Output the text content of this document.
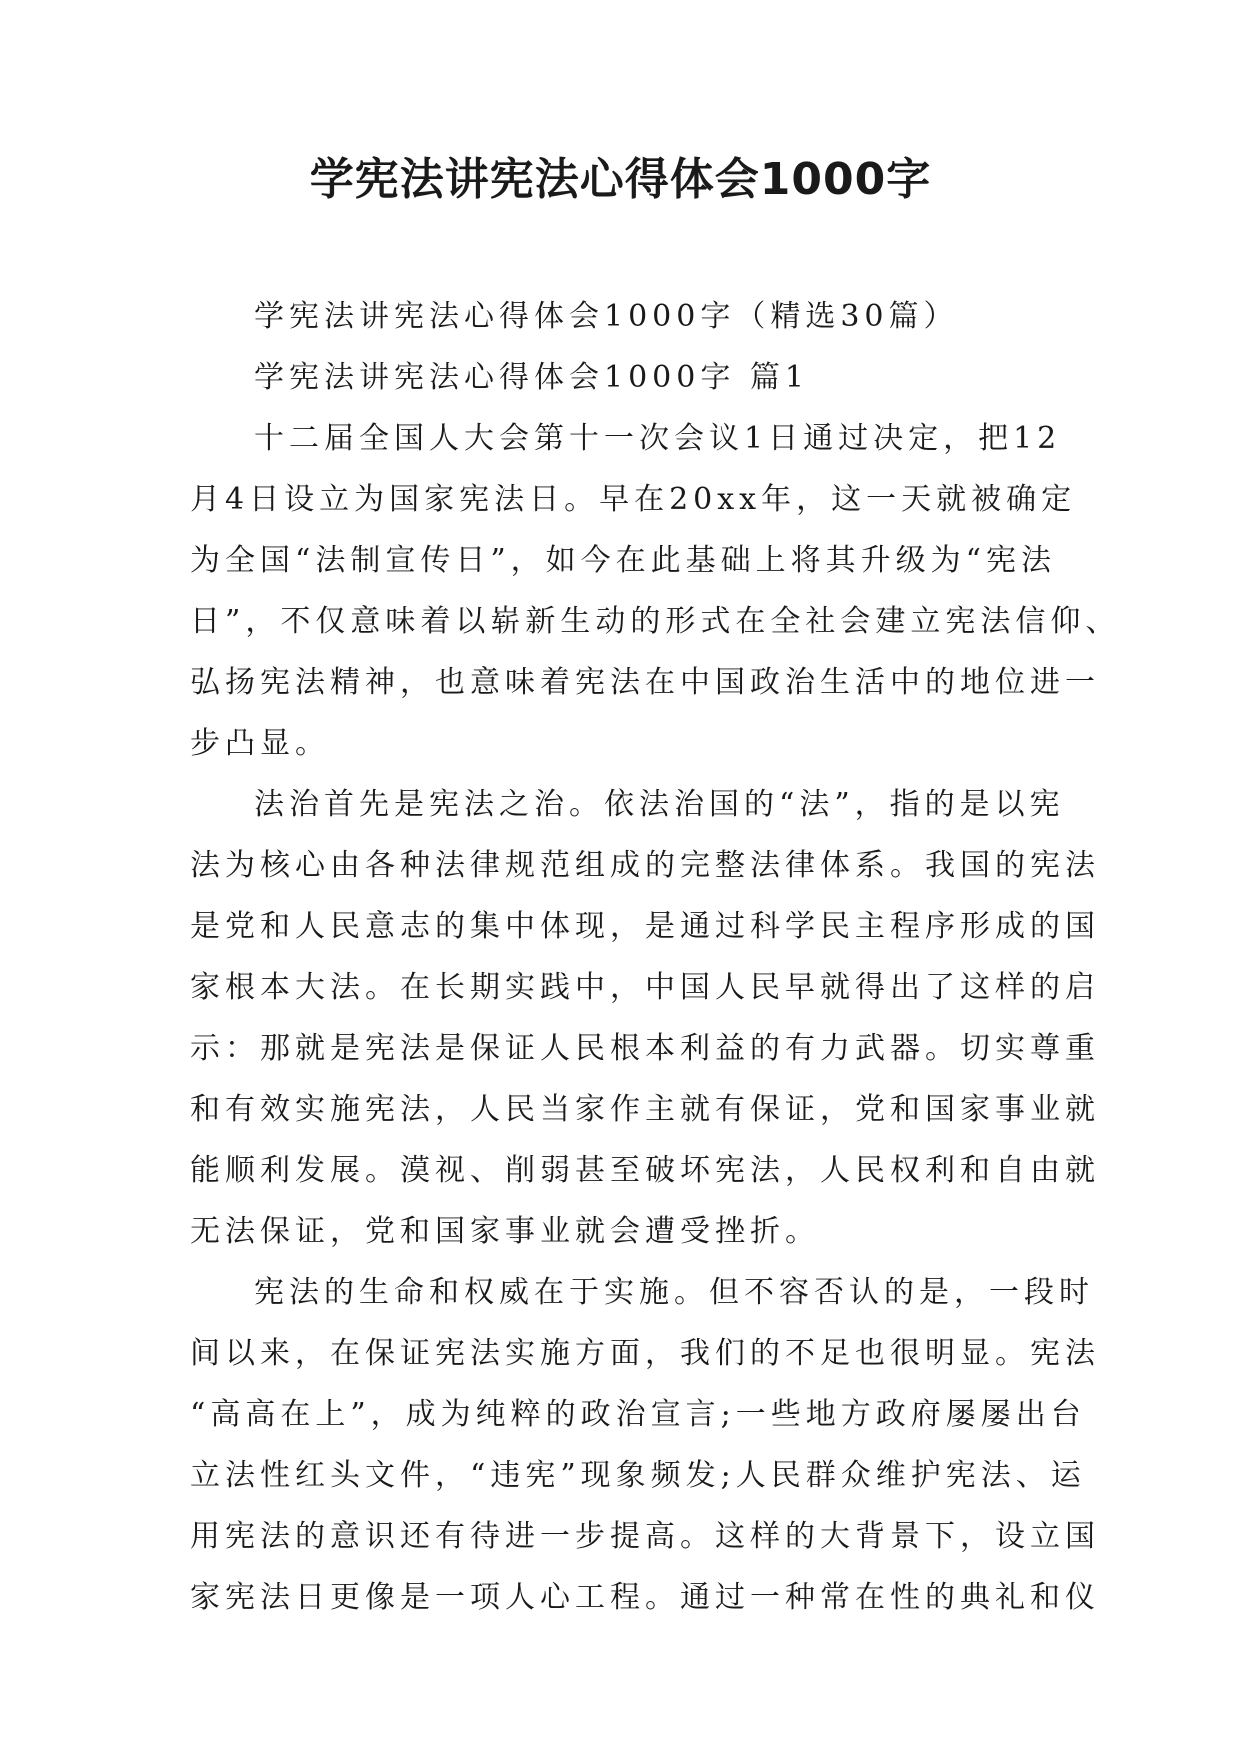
学宪法讲宪法心得体会1000字
学宪法讲宪法心得体会1000字（精选30篇）
学宪法讲宪法心得体会1000字 篇1
十二届全国人大会第十一次会议1日通过决定，把12
月4日设立为国家宪法日。早在20xx年，这一天就被确定
为全国“法制宣传日”，如今在此基础上将其升级为“宪法
日”，不仅意味着以崭新生动的形式在全社会建立宪法信仰、
弘扬宪法精神，也意味着宪法在中国政治生活中的地位进一
步凸显。
法治首先是宪法之治。依法治国的“法”，指的是以宪
法为核心由各种法律规范组成的完整法律体系。我国的宪法
是党和人民意志的集中体现，是通过科学民主程序形成的国
家根本大法。在长期实践中，中国人民早就得出了这样的启
示：那就是宪法是保证人民根本利益的有力武器。切实尊重
和有效实施宪法，人民当家作主就有保证，党和国家事业就
能顺利发展。漠视、削弱甚至破坏宪法，人民权利和自由就
无法保证，党和国家事业就会遭受挫折。
宪法的生命和权威在于实施。但不容否认的是，一段时
间以来，在保证宪法实施方面，我们的不足也很明显。宪法
“高高在上”，成为纯粹的政治宣言;一些地方政府屡屡出台
立法性红头文件，“违宪”现象频发;人民群众维护宪法、运
用宪法的意识还有待进一步提高。这样的大背景下，设立国
家宪法日更像是一项人心工程。通过一种常在性的典礼和仪
